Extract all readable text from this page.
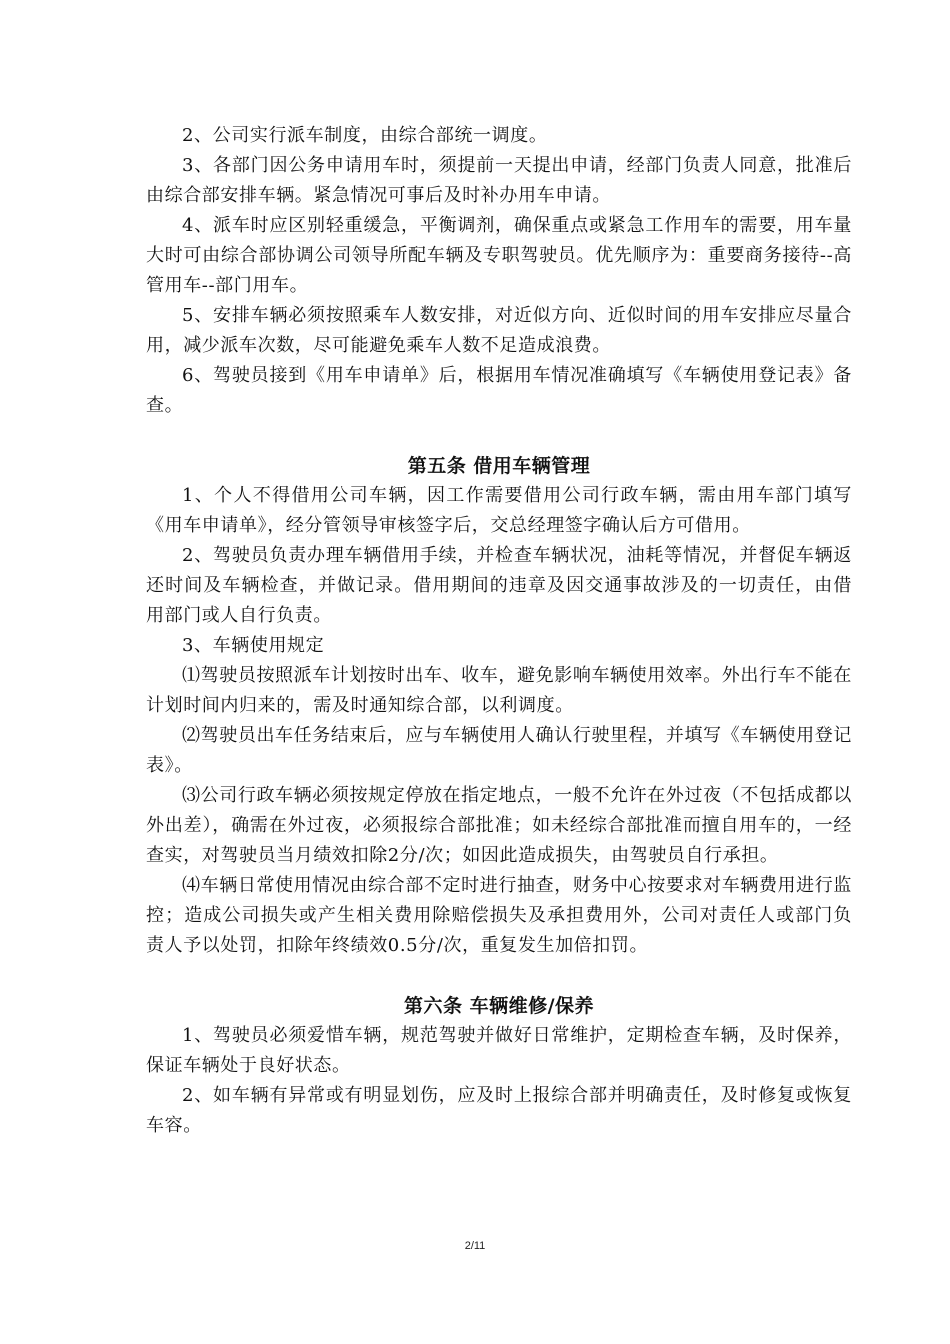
2、公司实行派车制度，由综合部统一调度。

3、各部门因公务申请用车时，须提前一天提出申请，经部门负责人同意，批准后由综合部安排车辆。紧急情况可事后及时补办用车申请。

4、派车时应区别轻重缓急，平衡调剂，确保重点或紧急工作用车的需要，用车量大时可由综合部协调公司领导所配车辆及专职驾驶员。优先顺序为：重要商务接待--高管用车--部门用车。

5、安排车辆必须按照乘车人数安排，对近似方向、近似时间的用车安排应尽量合用，减少派车次数，尽可能避免乘车人数不足造成浪费。

6、驾驶员接到《用车申请单》后，根据用车情况准确填写《车辆使用登记表》备查。

第五条 借用车辆管理

1、个人不得借用公司车辆，因工作需要借用公司行政车辆，需由用车部门填写《用车申请单》，经分管领导审核签字后，交总经理签字确认后方可借用。

2、驾驶员负责办理车辆借用手续，并检查车辆状况，油耗等情况，并督促车辆返还时间及车辆检查，并做记录。借用期间的违章及因交通事故涉及的一切责任，由借用部门或人自行负责。

3、车辆使用规定

⑴驾驶员按照派车计划按时出车、收车，避免影响车辆使用效率。外出行车不能在计划时间内归来的，需及时通知综合部，以利调度。

⑵驾驶员出车任务结束后，应与车辆使用人确认行驶里程，并填写《车辆使用登记表》。

⑶公司行政车辆必须按规定停放在指定地点，一般不允许在外过夜（不包括成都以外出差），确需在外过夜，必须报综合部批准；如未经综合部批准而擅自用车的，一经查实，对驾驶员当月绩效扣除2分/次；如因此造成损失，由驾驶员自行承担。

⑷车辆日常使用情况由综合部不定时进行抽查，财务中心按要求对车辆费用进行监控；造成公司损失或产生相关费用除赔偿损失及承担费用外，公司对责任人或部门负责人予以处罚，扣除年终绩效0.5分/次，重复发生加倍扣罚。

第六条 车辆维修/保养

1、驾驶员必须爱惜车辆，规范驾驶并做好日常维护，定期检查车辆，及时保养，保证车辆处于良好状态。

2、如车辆有异常或有明显划伤，应及时上报综合部并明确责任，及时修复或恢复车容。

2/11
